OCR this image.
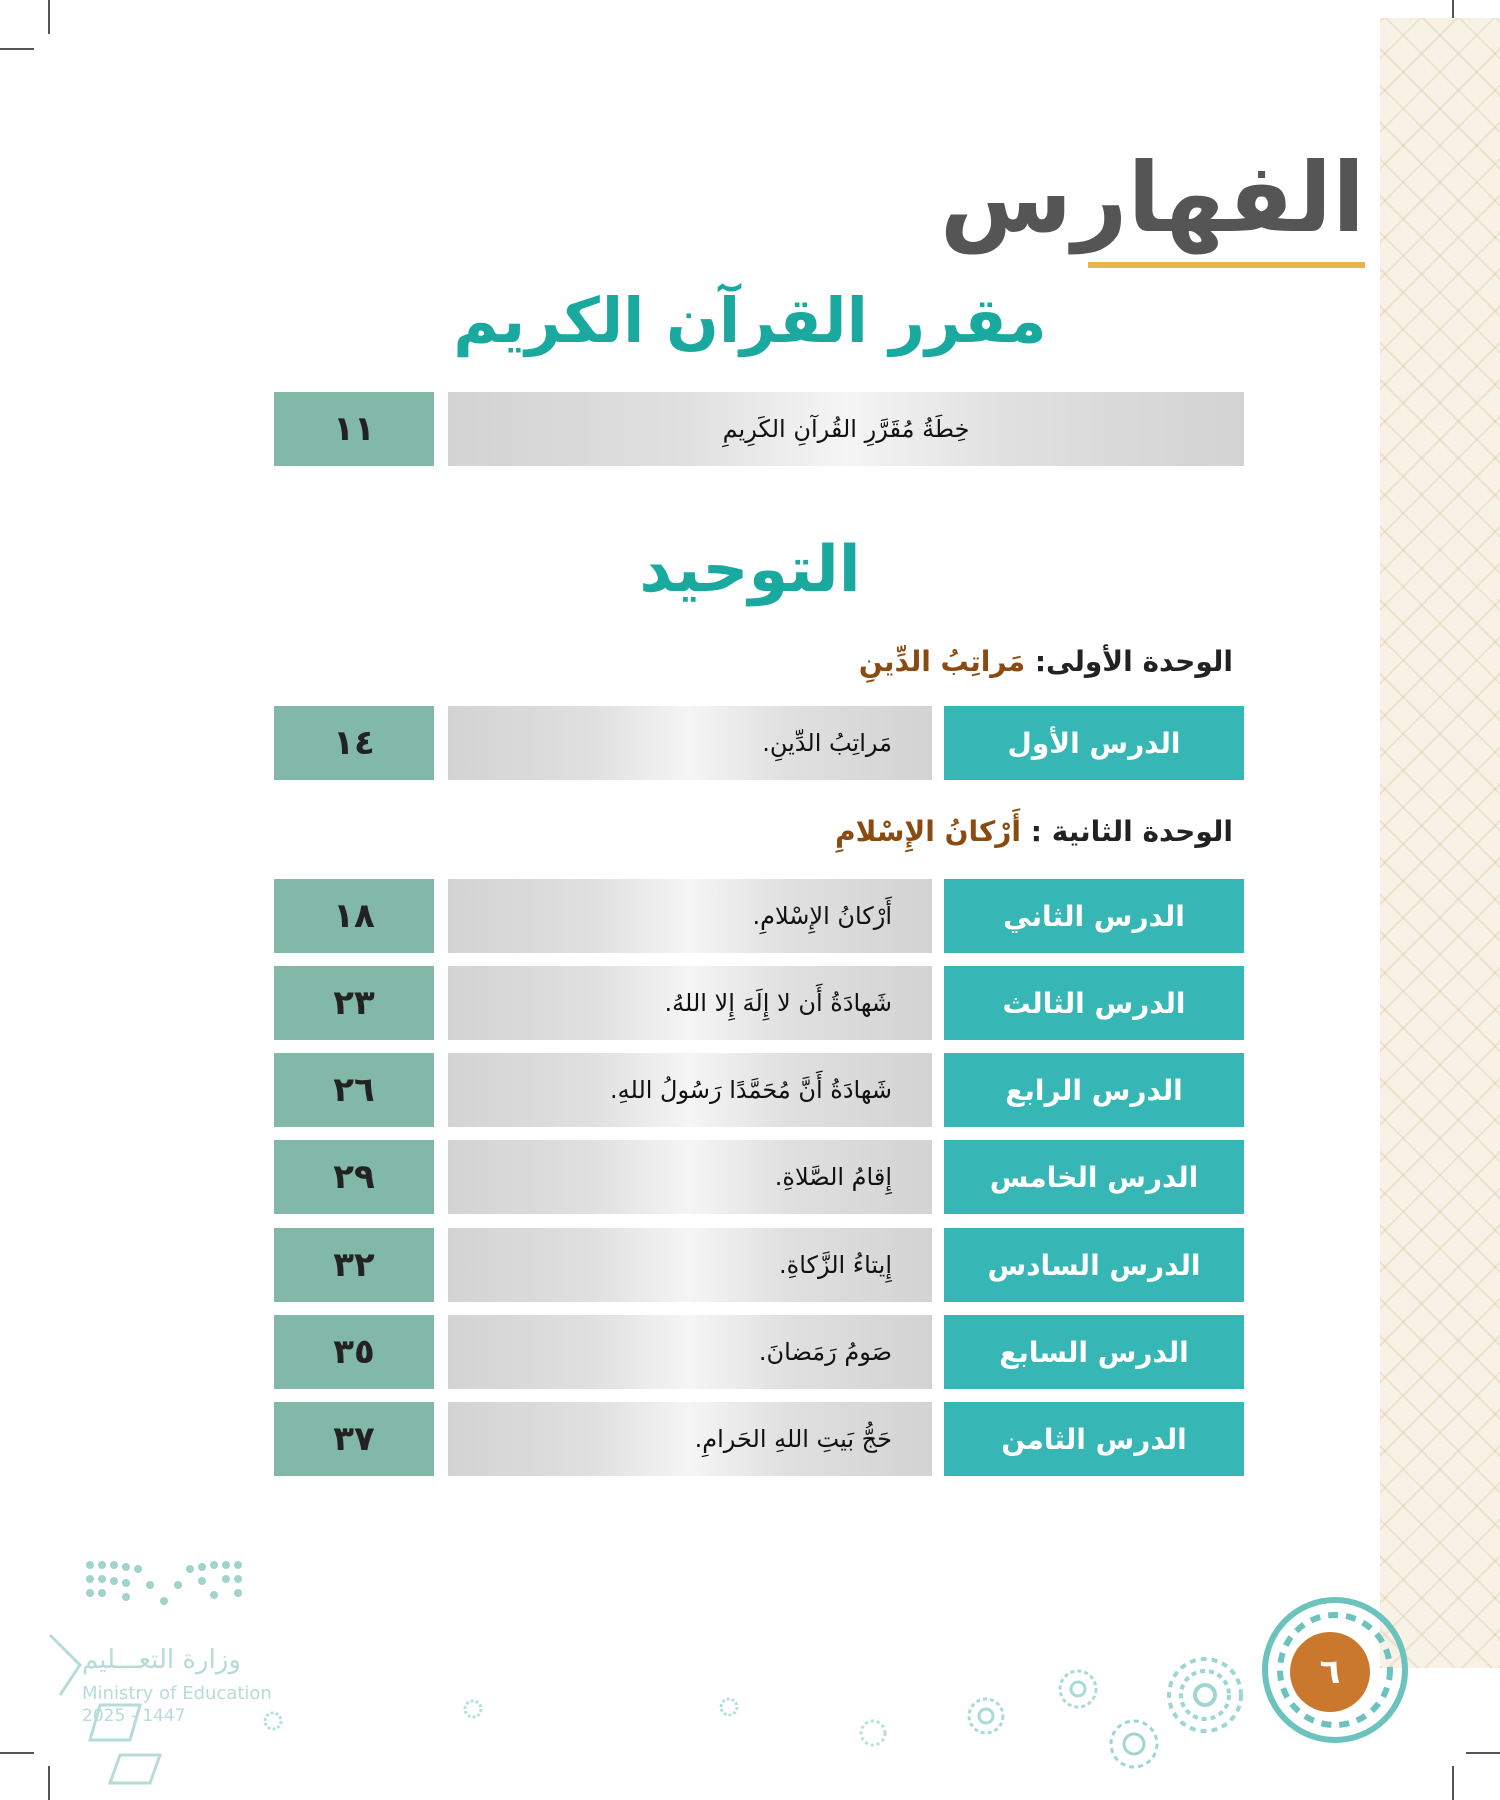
الفهارس
مقرر القرآن الكريم
١١	خِطَةُ مُقَرَّرِ القُرآنِ الكَرِيمِ
التوحيد
الوحدة الأولى: مَراتِبُ الدِّينِ
١٤	مَراتِبُ الدِّينِ.	الدرس الأول
الوحدة الثانية : أَرْكانُ الإِسْلامِ
١٨	أَرْكانُ الإِسْلامِ.	الدرس الثاني
٢٣	شَهادَةُ أَن لا إِلَهَ إِلا اللهُ.	الدرس الثالث
٢٦	شَهادَةُ أَنَّ مُحَمَّدًا رَسُولُ اللهِ.	الدرس الرابع
٢٩	إِقامُ الصَّلاةِ.	الدرس الخامس
٣٢	إِيتاءُ الزَّكاةِ.	الدرس السادس
٣٥	صَومُ رَمَضانَ.	الدرس السابع
٣٧	حَجُّ بَيتِ اللهِ الحَرامِ.	الدرس الثامن
وزارة التعـــليم
Ministry of Education
2025 - 1447
٦
